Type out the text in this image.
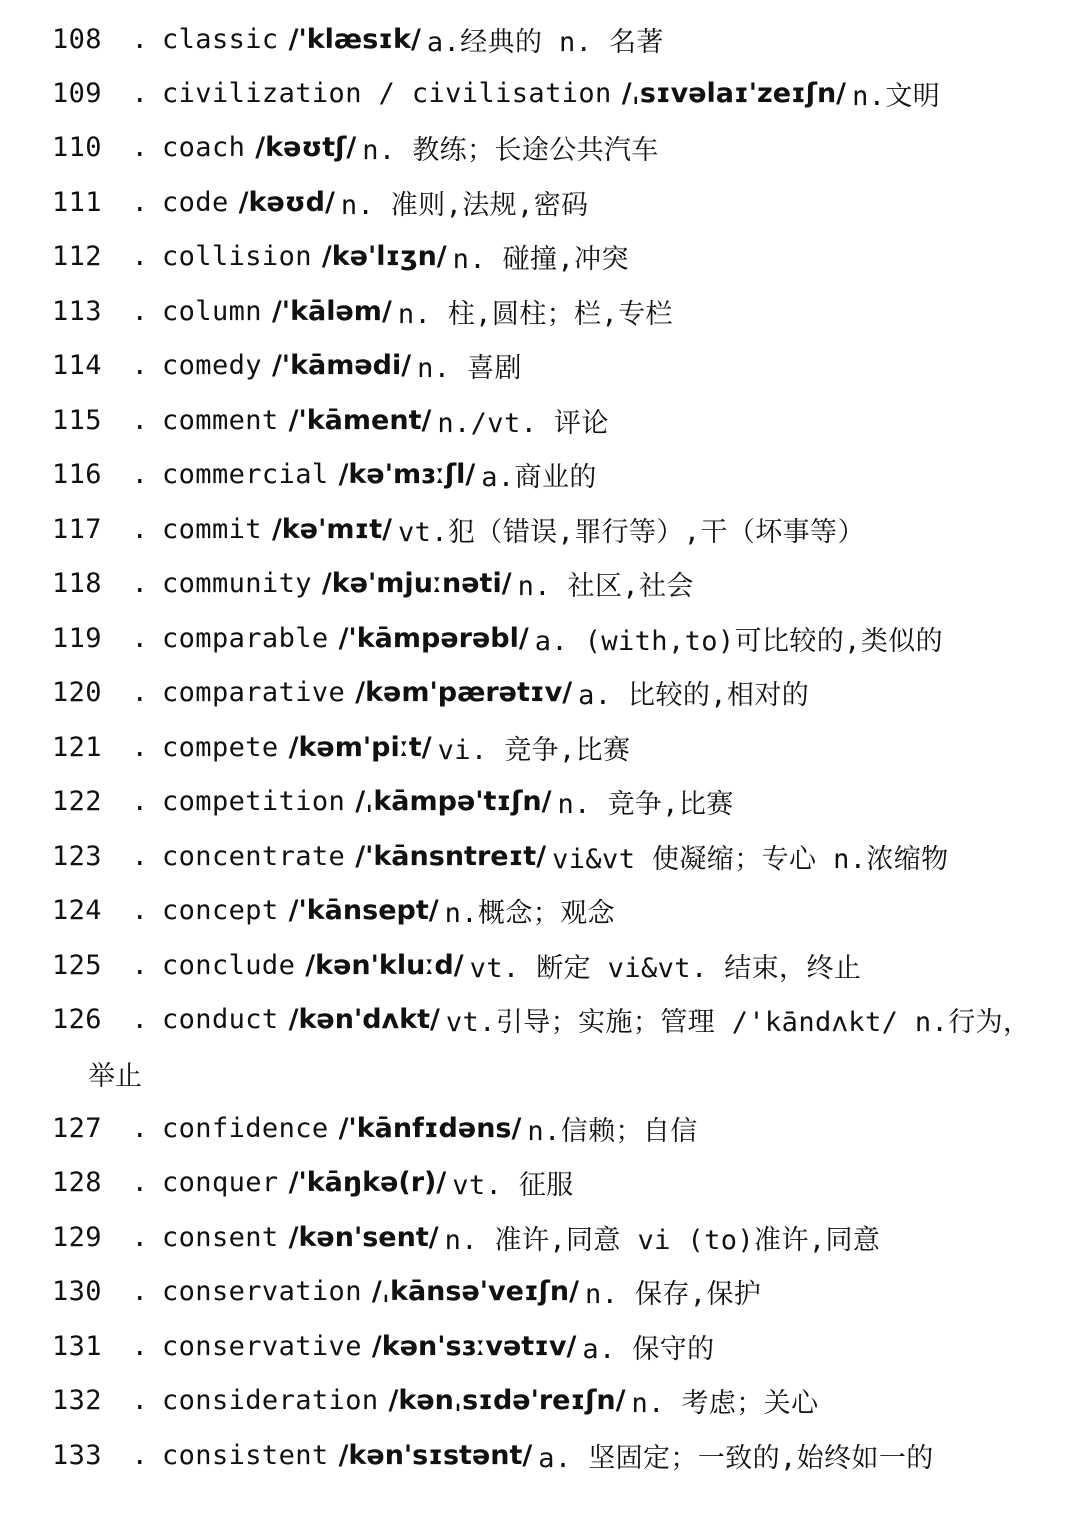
108	. classic /'klæsɪk/ a.经典的 n. 名著
109	. civilization / civilisation /ˌsɪvəlaɪ'zeɪʃn/ n.文明
110	. coach /kəʊtʃ/ n. 教练；长途公共汽车
111	. code /kəʊd/ n. 准则,法规,密码
112	. collision /kə'lɪʒn/ n. 碰撞,冲突
113	. column /'kāləm/ n. 柱,圆柱；栏,专栏
114	. comedy /'kāmədi/ n. 喜剧
115	. comment /'kāment/ n./vt. 评论
116	. commercial /kə'mɜːʃl/ a.商业的
117	. commit /kə'mɪt/ vt.犯（错误,罪行等）,干（坏事等）
118	. community /kə'mjuːnəti/ n. 社区,社会
119	. comparable /'kāmpərəbl/ a. (with,to)可比较的,类似的
120	. comparative /kəm'pærətɪv/ a. 比较的,相对的
121	. compete /kəm'piːt/ vi. 竞争,比赛
122	. competition /ˌkāmpə'tɪʃn/ n. 竞争,比赛
123	. concentrate /'kānsntreɪt/ vi&vt 使凝缩；专心 n.浓缩物
124	. concept /'kānsept/ n.概念；观念
125	. conclude /kən'kluːd/ vt. 断定 vi&vt. 结束，终止
126	. conduct /kən'dʌkt/ vt.引导；实施；管理 /'kāndʌkt/ n.行为，
举止
127	. confidence /'kānfɪdəns/ n.信赖；自信
128	. conquer /'kāŋkə(r)/ vt. 征服
129	. consent /kən'sent/ n. 准许,同意 vi (to)准许,同意
130	. conservation /ˌkānsə'veɪʃn/ n. 保存,保护
131	. conservative /kən'sɜːvətɪv/ a. 保守的
132	. consideration /kənˌsɪdə'reɪʃn/ n. 考虑；关心
133	. consistent /kən'sɪstənt/ a. 坚固定；一致的,始终如一的
